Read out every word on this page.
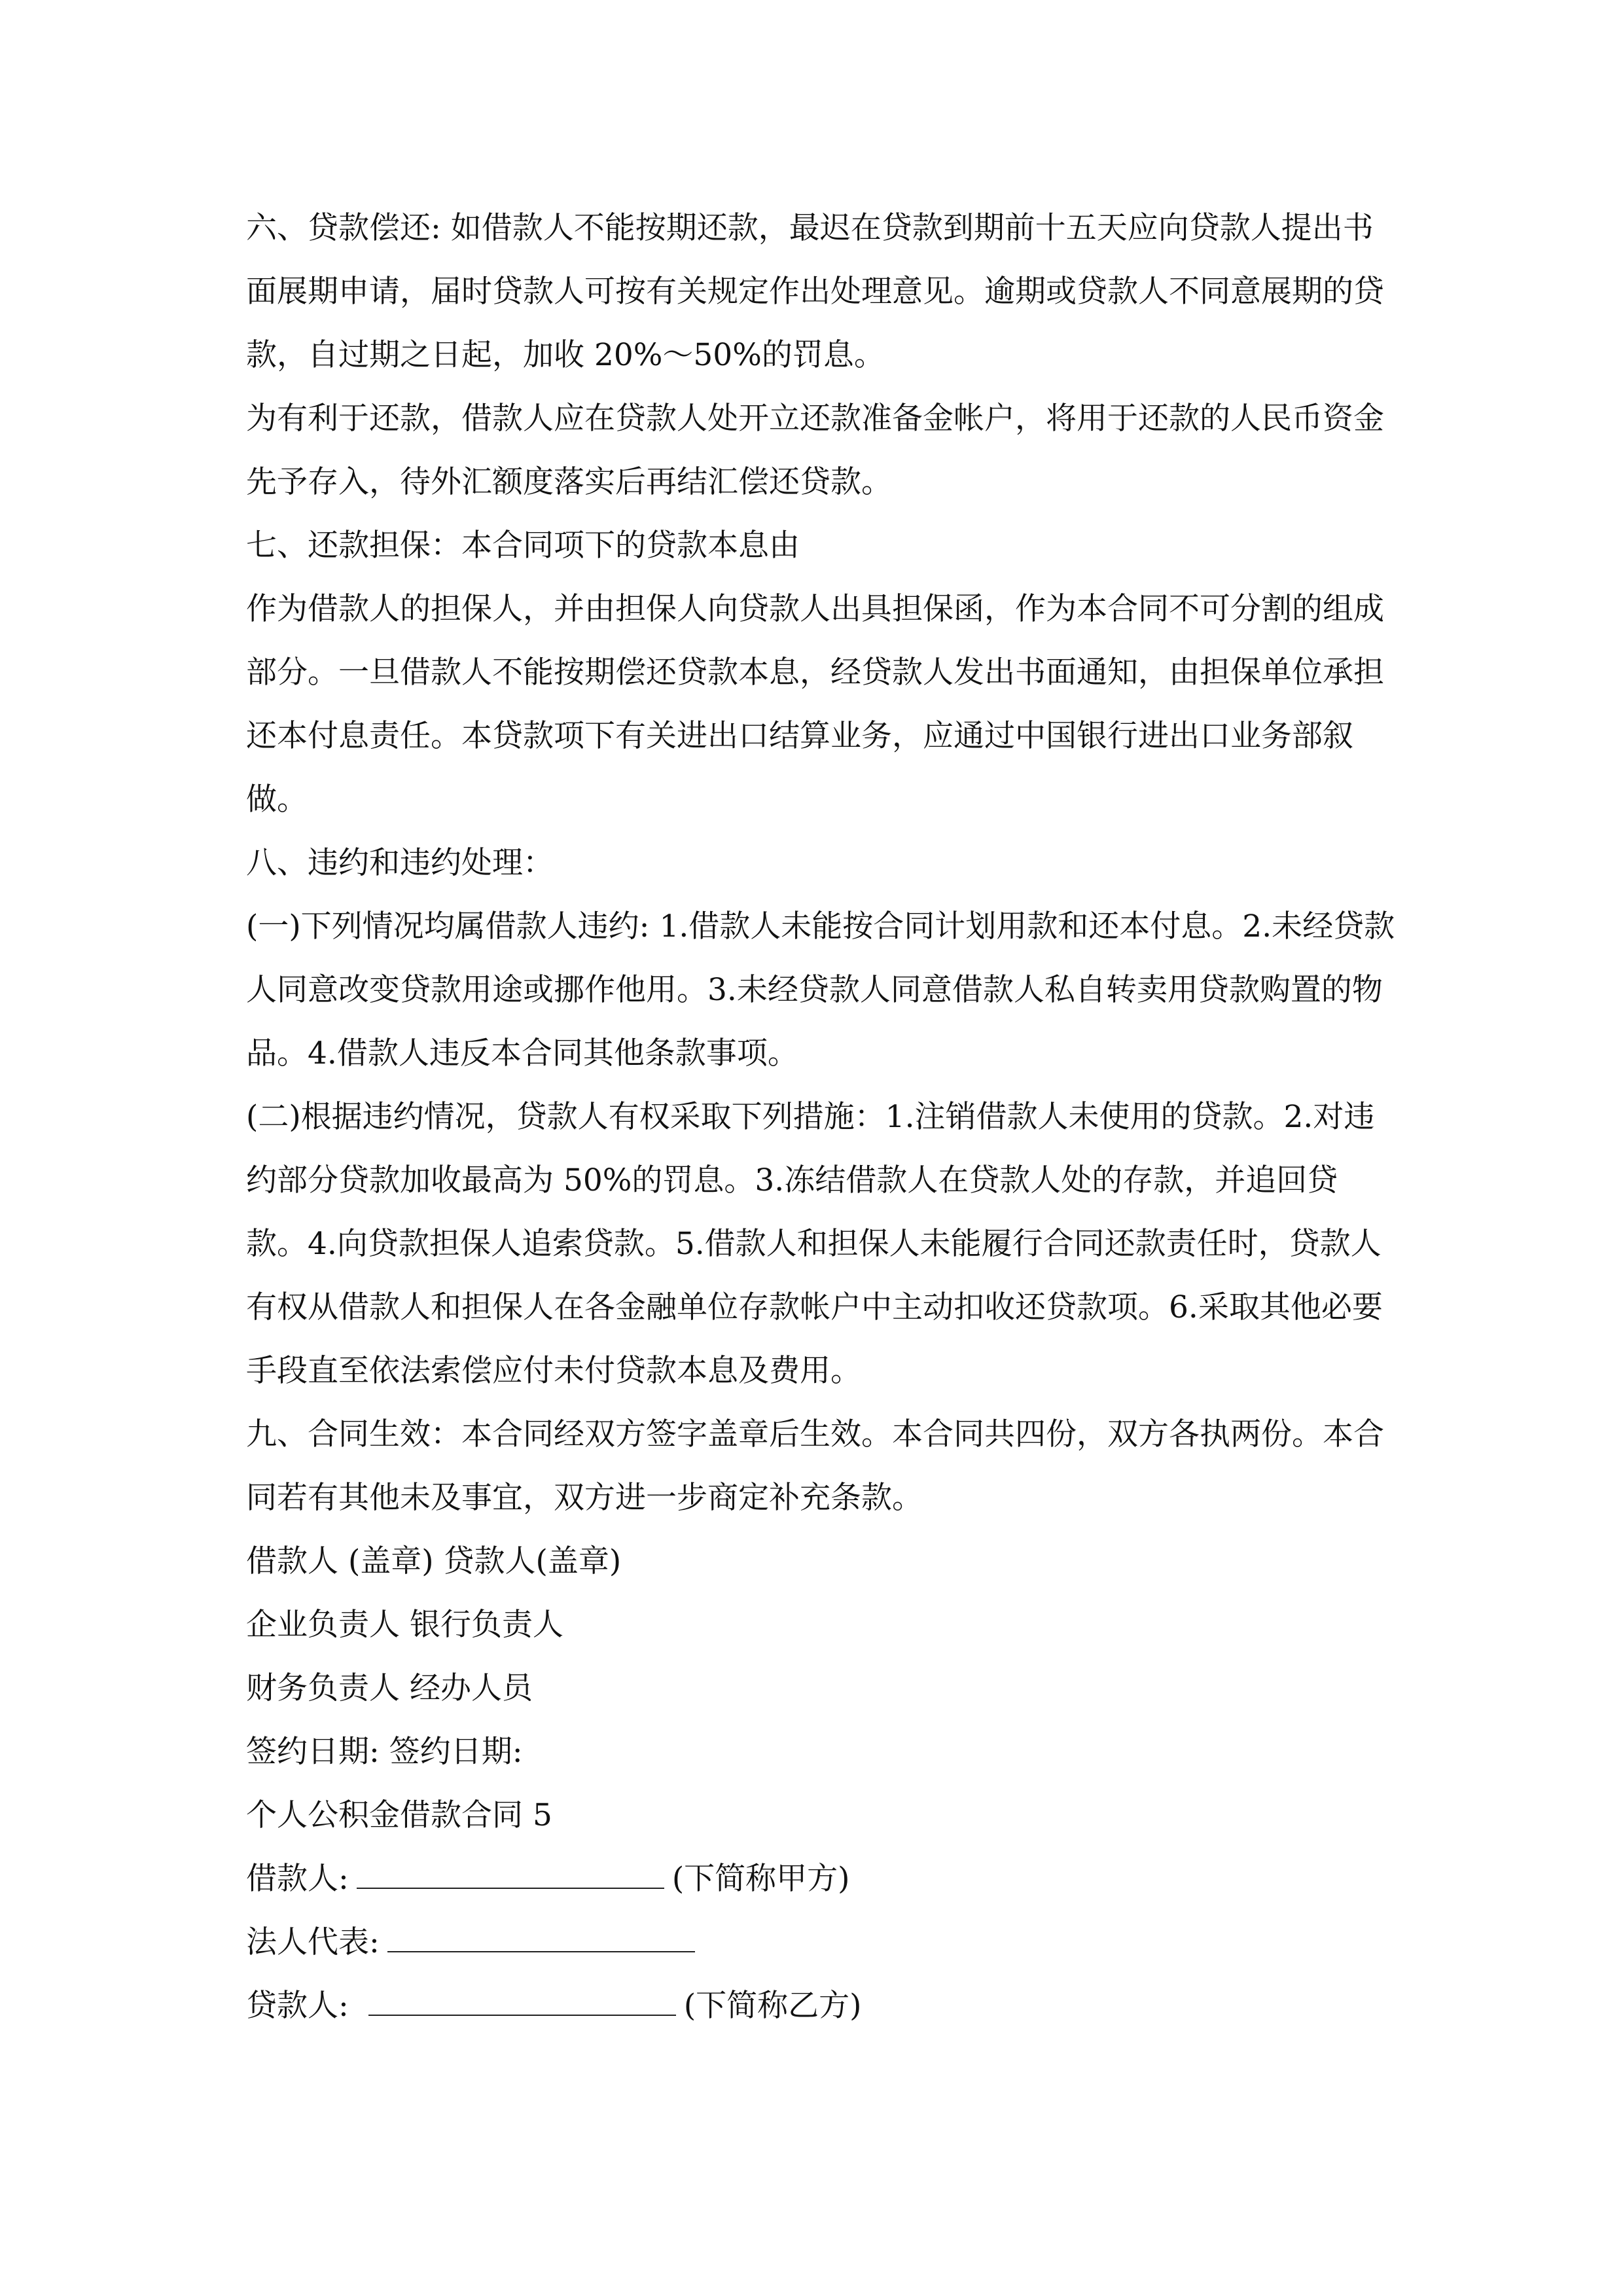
六、贷款偿还: 如借款人不能按期还款，最迟在贷款到期前十五天应向贷款人提出书面展期申请，届时贷款人可按有关规定作出处理意见。逾期或贷款人不同意展期的贷款，自过期之日起，加收 20%～50%的罚息。

为有利于还款，借款人应在贷款人处开立还款准备金帐户，将用于还款的人民币资金先予存入，待外汇额度落实后再结汇偿还贷款。

七、还款担保：本合同项下的贷款本息由

作为借款人的担保人，并由担保人向贷款人出具担保函，作为本合同不可分割的组成部分。一旦借款人不能按期偿还贷款本息，经贷款人发出书面通知，由担保单位承担还本付息责任。本贷款项下有关进出口结算业务，应通过中国银行进出口业务部叙做。

八、违约和违约处理：

(一)下列情况均属借款人违约: 1.借款人未能按合同计划用款和还本付息。2.未经贷款人同意改变贷款用途或挪作他用。3.未经贷款人同意借款人私自转卖用贷款购置的物品。4.借款人违反本合同其他条款事项。

(二)根据违约情况，贷款人有权采取下列措施：1.注销借款人未使用的贷款。2.对违约部分贷款加收最高为 50%的罚息。3.冻结借款人在贷款人处的存款，并追回贷款。4.向贷款担保人追索贷款。5.借款人和担保人未能履行合同还款责任时，贷款人有权从借款人和担保人在各金融单位存款帐户中主动扣收还贷款项。6.采取其他必要手段直至依法索偿应付未付贷款本息及费用。

九、合同生效：本合同经双方签字盖章后生效。本合同共四份，双方各执两份。本合同若有其他未及事宜，双方进一步商定补充条款。

借款人 (盖章) 贷款人(盖章)

企业负责人 银行负责人

财务负责人 经办人员

签约日期: 签约日期:

个人公积金借款合同 5

借款人:	(下简称甲方)

法人代表:

贷款人:	(下简称乙方)
